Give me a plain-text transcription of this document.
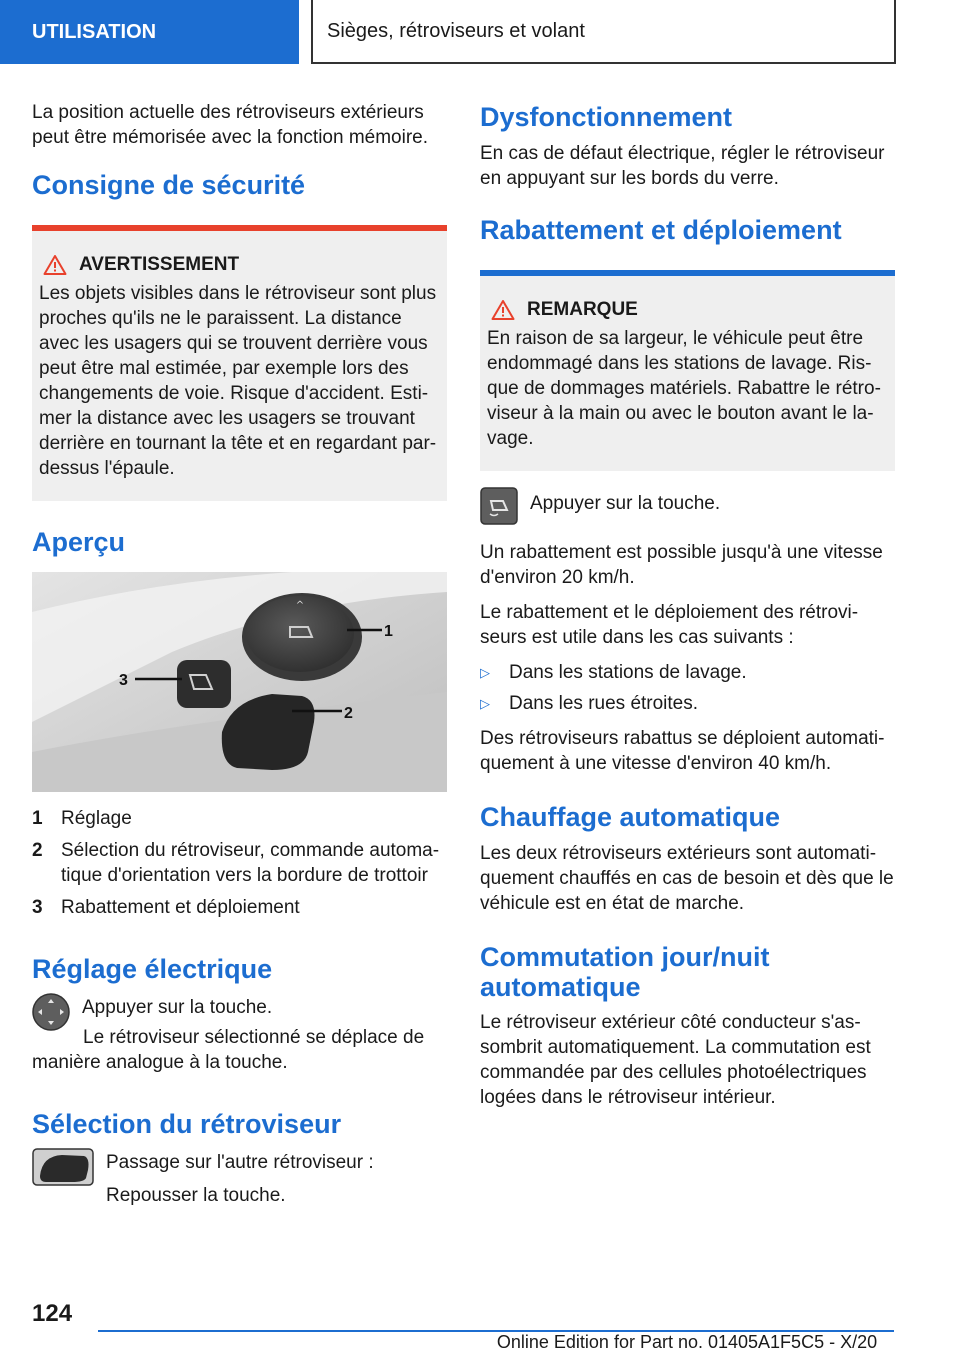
UTILISATION	Sièges, rétroviseurs et volant

La position actuelle des rétroviseurs extérieurs peut être mémorisée avec la fonction mémoire.

Consigne de sécurité
AVERTISSEMENT
Les objets visibles dans le rétroviseur sont plus proches qu'ils ne le paraissent. La distance avec les usagers qui se trouvent derrière vous peut être mal estimée, par exemple lors des changements de voie. Risque d'accident. Estimer la distance avec les usagers se trouvant derrière en tournant la tête et en regardant par-dessus l'épaule.
Aperçu
^
1
2
3
1 Réglage
2 Sélection du rétroviseur, commande automatique d'orientation vers la bordure de trottoir
3 Rabattement et déploiement
Réglage électrique

Appuyer sur la touche.

Le rétroviseur sélectionné se déplace de manière analogue à la touche.

Sélection du rétroviseur

Passage sur l'autre rétroviseur :

Repousser la touche.

Dysfonctionnement

En cas de défaut électrique, régler le rétroviseur en appuyant sur les bords du verre.

Rabattement et déploiement
REMARQUE
En raison de sa largeur, le véhicule peut être endommagé dans les stations de lavage. Risque de dommages matériels. Rabattre le rétroviseur à la main ou avec le bouton avant le lavage.

Appuyer sur la touche.

Un rabattement est possible jusqu'à une vitesse d'environ 20 km/h.

Le rabattement et le déploiement des rétroviseurs est utile dans les cas suivants :

▷	Dans les stations de lavage.
▷	Dans les rues étroites.

Des rétroviseurs rabattus se déploient automatiquement à une vitesse d'environ 40 km/h.

Chauffage automatique

Les deux rétroviseurs extérieurs sont automatiquement chauffés en cas de besoin et dès que le véhicule est en état de marche.

Commutation jour/nuit automatique

Le rétroviseur extérieur côté conducteur s'assombrit automatiquement. La commutation est commandée par des cellules photoélectriques logées dans le rétroviseur intérieur.

124
Online Edition for Part no. 01405A1F5C5 - X/20
